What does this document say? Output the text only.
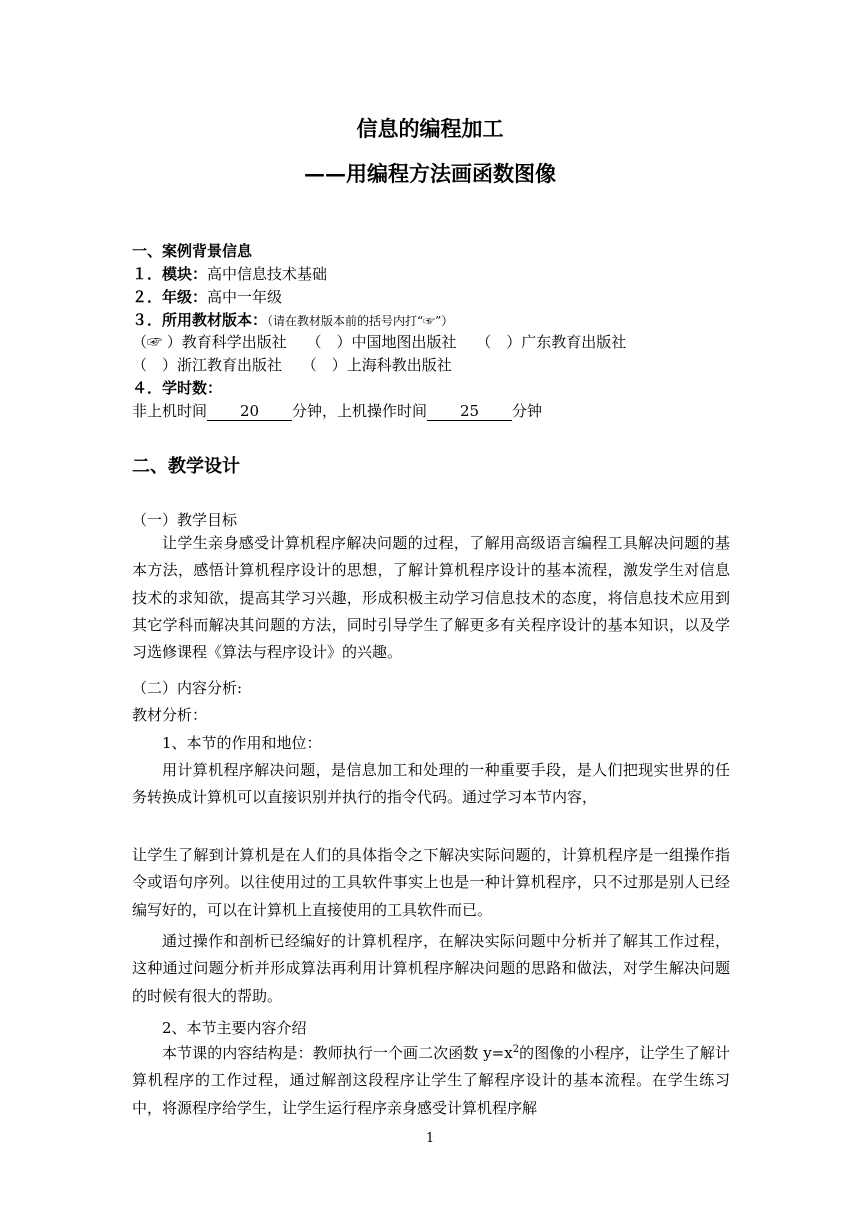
信息的编程加工
——用编程方法画函数图像
一、案例背景信息
１．模块：高中信息技术基础
２．年级：高中一年级
３．所用教材版本：（请在教材版本前的括号内打“☞”）
（☞ ）教育科学出版社　 （　）中国地图出版社　 （　）广东教育出版社
（　）浙江教育出版社　 （　）上海科教出版社
４．学时数：
非上机时间 20 分钟，上机操作时间 25 分钟
二、教学设计
（一）教学目标
让学生亲身感受计算机程序解决问题的过程，了解用高级语言编程工具解决问题的基本方法，感悟计算机程序设计的思想，了解计算机程序设计的基本流程，激发学生对信息技术的求知欲，提高其学习兴趣，形成积极主动学习信息技术的态度，将信息技术应用到其它学科而解决其问题的方法，同时引导学生了解更多有关程序设计的基本知识，以及学习选修课程《算法与程序设计》的兴趣。
（二）内容分析:
教材分析：
1、本节的作用和地位：
用计算机程序解决问题，是信息加工和处理的一种重要手段，是人们把现实世界的任务转换成计算机可以直接识别并执行的指令代码。通过学习本节内容，
让学生了解到计算机是在人们的具体指令之下解决实际问题的，计算机程序是一组操作指令或语句序列。以往使用过的工具软件事实上也是一种计算机程序，只不过那是别人已经编写好的，可以在计算机上直接使用的工具软件而已。
通过操作和剖析已经编好的计算机程序，在解决实际问题中分析并了解其工作过程，这种通过问题分析并形成算法再利用计算机程序解决问题的思路和做法，对学生解决问题的时候有很大的帮助。
2、本节主要内容介绍
本节课的内容结构是：教师执行一个画二次函数 $y=x^2$的图像的小程序，让学生了解计算机程序的工作过程，通过解剖这段程序让学生了解程序设计的基本流程。在学生练习中，将源程序给学生，让学生运行程序亲身感受计算机程序解
1
